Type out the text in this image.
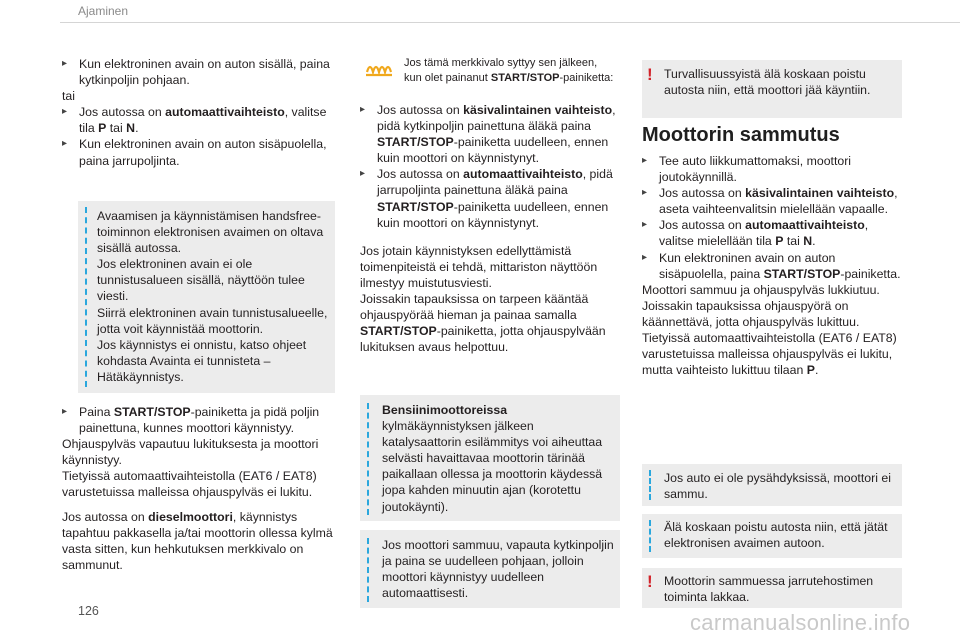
Ajaminen
▸ Kun elektroninen avain on auton sisällä, paina kytkinpoljin pohjaan.

tai

▸ Jos autossa on automaattivaihteisto, valitse tila P tai N.
▸ Kun elektroninen avain on auton sisäpuolella, paina jarrupoljinta.

Avaamisen ja käynnistämisen handsfree-toiminnon elektronisen avaimen on oltava sisällä autossa.

Jos elektroninen avain ei ole tunnistusalueen sisällä, näyttöön tulee viesti.

Siirrä elektroninen avain tunnistusalueelle, jotta voit käynnistää moottorin.

Jos käynnistys ei onnistu, katso ohjeet kohdasta Avainta ei tunnisteta – Hätäkäynnistys.

▸ Paina START/STOP-painiketta ja pidä poljin painettuna, kunnes moottori käynnistyy.

Ohjauspylväs vapautuu lukituksesta ja moottori käynnistyy.

Tietyissä automaattivaihteistolla (EAT6 / EAT8) varustetuissa malleissa ohjauspylväs ei lukitu.

Jos autossa on dieselmoottori, käynnistys tapahtuu pakkasella ja/tai moottorin ollessa kylmä vasta sitten, kun hehkutuksen merkkivalo on sammunut.

Jos tämä merkkivalo syttyy sen jälkeen,

kun olet painanut START/STOP-painiketta:

▸ Jos autossa on käsivalintainen vaihteisto, pidä kytkinpoljin painettuna äläkä paina START/STOP-painiketta uudelleen, ennen kuin moottori on käynnistynyt.
▸ Jos autossa on automaattivaihteisto, pidä jarrupoljinta painettuna äläkä paina START/STOP-painiketta uudelleen, ennen kuin moottori on käynnistynyt.

Jos jotain käynnistyksen edellyttämistä toimenpiteistä ei tehdä, mittariston näyttöön ilmestyy muistutusviesti.

Joissakin tapauksissa on tarpeen kääntää ohjauspyörää hieman ja painaa samalla START/STOP-painiketta, jotta ohjauspylvään lukituksen avaus helpottuu.

Bensiinimoottoreissa

kylmäkäynnistyksen jälkeen katalysaattorin esilämmitys voi aiheuttaa selvästi havaittavaa moottorin tärinää paikallaan ollessa ja moottorin käydessä jopa kahden minuutin ajan (korotettu joutokäynti).

Jos moottori sammuu, vapauta kytkinpoljin ja paina se uudelleen pohjaan, jolloin moottori käynnistyy uudelleen automaattisesti.

! Turvallisuussyistä älä koskaan poistu autosta niin, että moottori jää käyntiin.

Moottorin sammutus
▸ Tee auto liikkumattomaksi, moottori joutokäynnillä.
▸ Jos autossa on käsivalintainen vaihteisto, aseta vaihteenvalitsin mielellään vapaalle.
▸ Jos autossa on automaattivaihteisto, valitse mielellään tila P tai N.
▸ Kun elektroninen avain on auton sisäpuolella, paina START/STOP-painiketta.

Moottori sammuu ja ohjauspylväs lukkiutuu. Joissakin tapauksissa ohjauspyörä on käännettävä, jotta ohjauspylväs lukittuu. Tietyissä automaattivaihteistolla (EAT6 / EAT8) varustetuissa malleissa ohjauspylväs ei lukitu, mutta vaihteisto lukittuu tilaan P.

Jos auto ei ole pysähdyksissä, moottori ei sammu.

Älä koskaan poistu autosta niin, että jätät elektronisen avaimen autoon.

! Moottorin sammuessa jarrutehostimen toiminta lakkaa.

126	carmanualsonline.info
